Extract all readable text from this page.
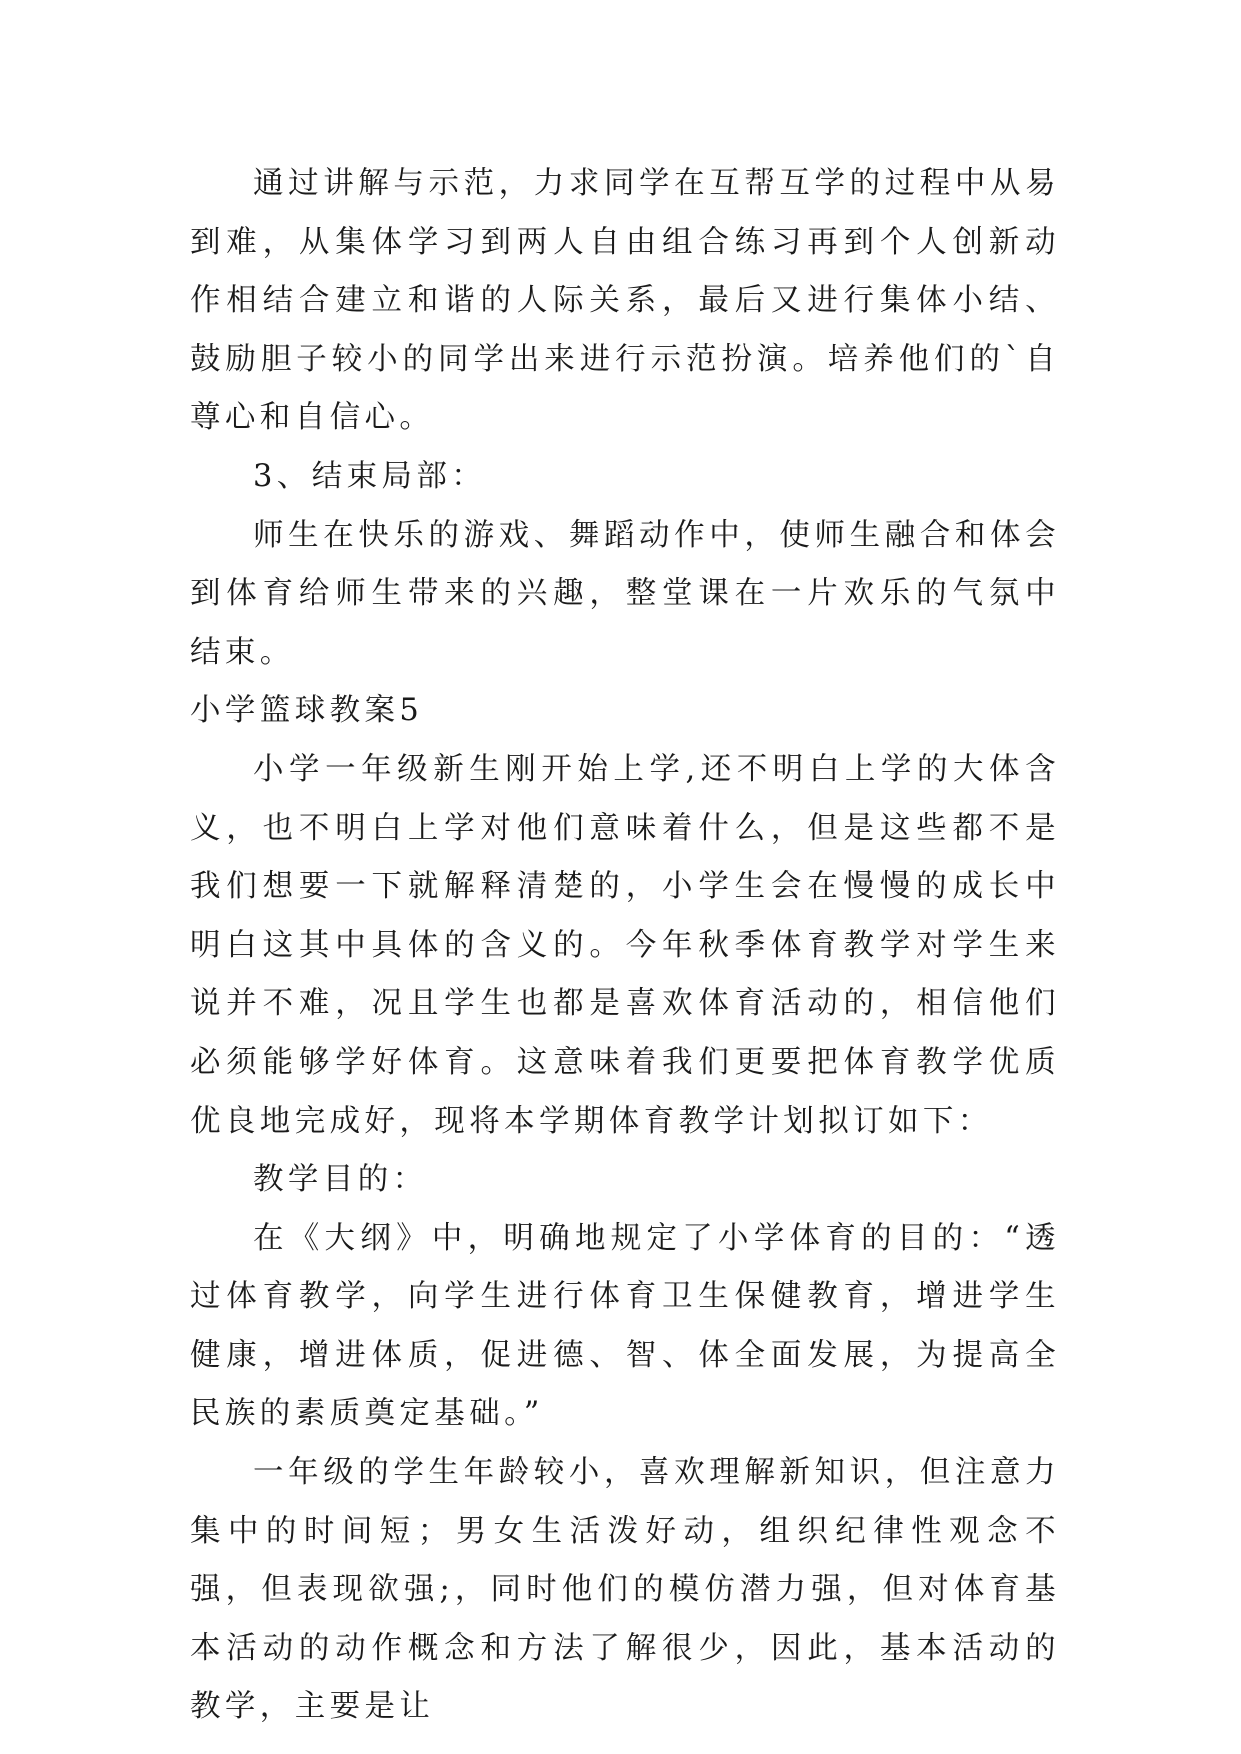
通过讲解与示范，力求同学在互帮互学的过程中从易到难，从集体学习到两人自由组合练习再到个人创新动作相结合建立和谐的人际关系，最后又进行集体小结、鼓励胆子较小的同学出来进行示范扮演。培养他们的`自尊心和自信心。

3、结束局部：

师生在快乐的游戏、舞蹈动作中，使师生融合和体会到体育给师生带来的兴趣，整堂课在一片欢乐的气氛中结束。

小学篮球教案5

小学一年级新生刚开始上学,还不明白上学的大体含义，也不明白上学对他们意味着什么，但是这些都不是我们想要一下就解释清楚的，小学生会在慢慢的成长中明白这其中具体的含义的。今年秋季体育教学对学生来说并不难，况且学生也都是喜欢体育活动的，相信他们必须能够学好体育。这意味着我们更要把体育教学优质优良地完成好，现将本学期体育教学计划拟订如下：

教学目的：

在《大纲》中，明确地规定了小学体育的目的：“透过体育教学，向学生进行体育卫生保健教育，增进学生健康，增进体质，促进德、智、体全面发展，为提高全民族的素质奠定基础。”

一年级的学生年龄较小，喜欢理解新知识，但注意力集中的时间短；男女生活泼好动，组织纪律性观念不强，但表现欲强;，同时他们的模仿潜力强，但对体育基本活动的动作概念和方法了解很少，因此，基本活动的教学，主要是让
